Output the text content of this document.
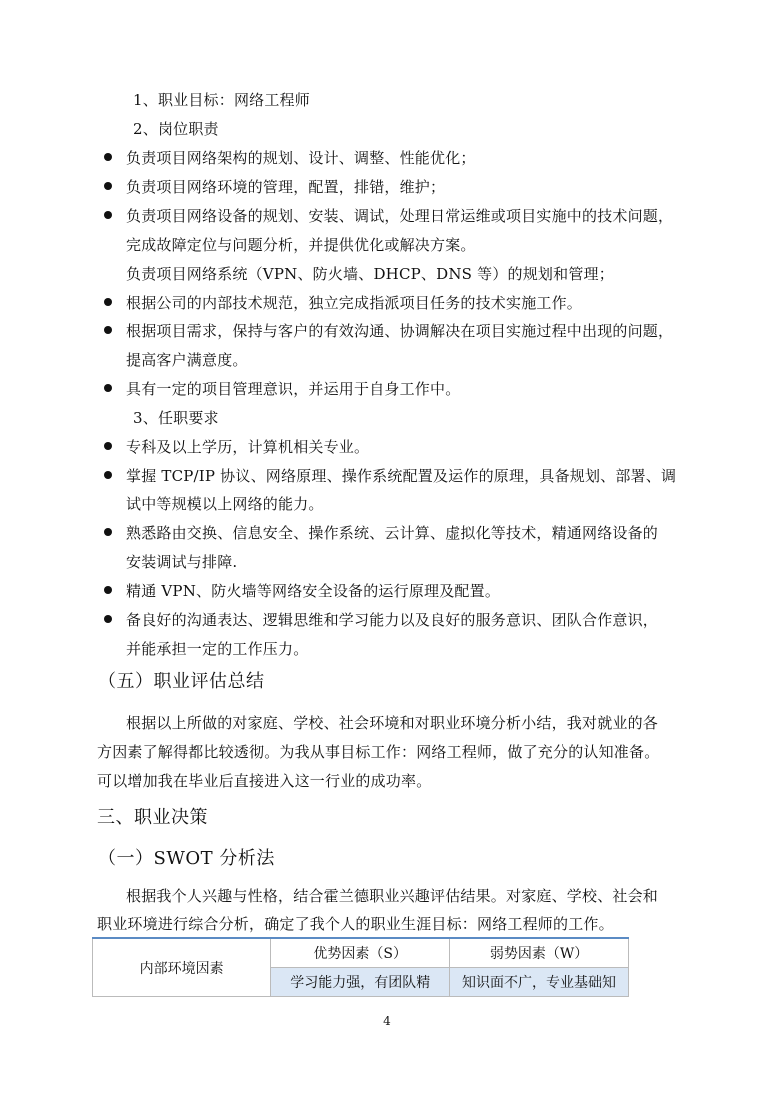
1、职业目标：网络工程师
2、岗位职责
负责项目网络架构的规划、设计、调整、性能优化；
负责项目网络环境的管理，配置，排错，维护；
负责项目网络设备的规划、安装、调试，处理日常运维或项目实施中的技术问题，
完成故障定位与问题分析，并提供优化或解决方案。
负责项目网络系统（VPN、防火墙、DHCP、DNS 等）的规划和管理；
根据公司的内部技术规范，独立完成指派项目任务的技术实施工作。
根据项目需求，保持与客户的有效沟通、协调解决在项目实施过程中出现的问题，
提高客户满意度。
具有一定的项目管理意识，并运用于自身工作中。
3、任职要求
专科及以上学历，计算机相关专业。
掌握 TCP/IP 协议、网络原理、操作系统配置及运作的原理，具备规划、部署、调
试中等规模以上网络的能力。
熟悉路由交换、信息安全、操作系统、云计算、虚拟化等技术，精通网络设备的
安装调试与排障.
精通 VPN、防火墙等网络安全设备的运行原理及配置。
备良好的沟通表达、逻辑思维和学习能力以及良好的服务意识、团队合作意识，
并能承担一定的工作压力。
（五）职业评估总结
根据以上所做的对家庭、学校、社会环境和对职业环境分析小结，我对就业的各
方因素了解得都比较透彻。为我从事目标工作：网络工程师，做了充分的认知准备。
可以增加我在毕业后直接进入这一行业的成功率。
三、职业决策
（一）SWOT 分析法
根据我个人兴趣与性格，结合霍兰德职业兴趣评估结果。对家庭、学校、社会和
职业环境进行综合分析，确定了我个人的职业生涯目标：网络工程师的工作。
内部环境因素	优势因素（S）	弱势因素（W）
	学习能力强，有团队精	知识面不广，专业基础知
4
